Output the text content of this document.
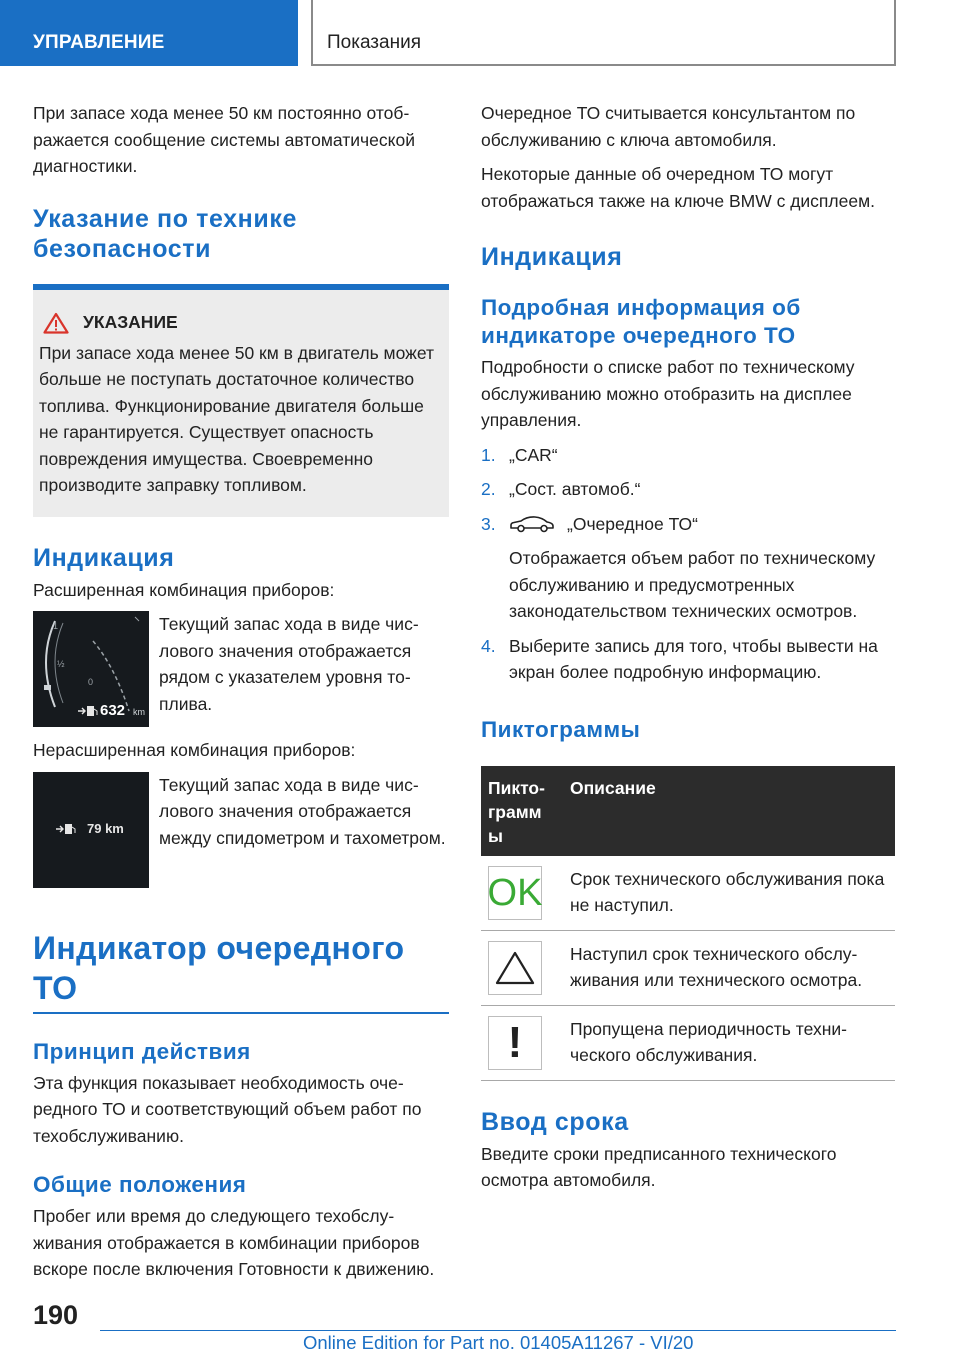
УПРАВЛЕНИЕ	Показания

При запасе хода менее 50 км постоянно отображается сообщение системы автоматической диагностики.

Указание по технике безопасности
УКАЗАНИЕ

При запасе хода менее 50 км в двигатель может больше не поступать достаточное количество топлива. Функционирование двигателя больше не гарантируется. Существует опасность повреждения имущества. Своевременно производите заправку топливом.

Индикация

Расширенная комбинация приборов:

1
½
0
632 km

Текущий запас хода в виде числового значения отображается рядом с указателем уровня топлива.

Нерасширенная комбинация приборов:

79 km

Текущий запас хода в виде числового значения отображается между спидометром и тахометром.

Индикатор очередного ТО
Принцип действия

Эта функция показывает необходимость очередного ТО и соответствующий объем работ по техобслуживанию.

Общие положения

Пробег или время до следующего техобслуживания отображается в комбинации приборов вскоре после включения Готовности к движению.

Очередное ТО считывается консультантом по обслуживанию с ключа автомобиля.

Некоторые данные об очередном ТО могут отображаться также на ключе BMW с дисплеем.

Индикация
Подробная информация об индикаторе очередного ТО

Подробности о списке работ по техническому обслуживанию можно отобразить на дисплее управления.

1. „CAR“
2. „Сост. автомоб.“
3.	„Очередное ТО“

Отображается объем работ по техническому обслуживанию и предусмотренных законодательством технических осмотров.

4. Выберите запись для того, чтобы вывести на экран более подробную информацию.
Пиктограммы
Пиктограмм ы	Описание

OK	Срок технического обслуживания пока не наступил.

	Наступил срок технического обслуживания или технического осмотра.

!	Пропущена периодичность технического обслуживания.
Ввод срока

Введите сроки предписанного технического осмотра автомобиля.

190
Online Edition for Part no. 01405A11267 - VI/20
